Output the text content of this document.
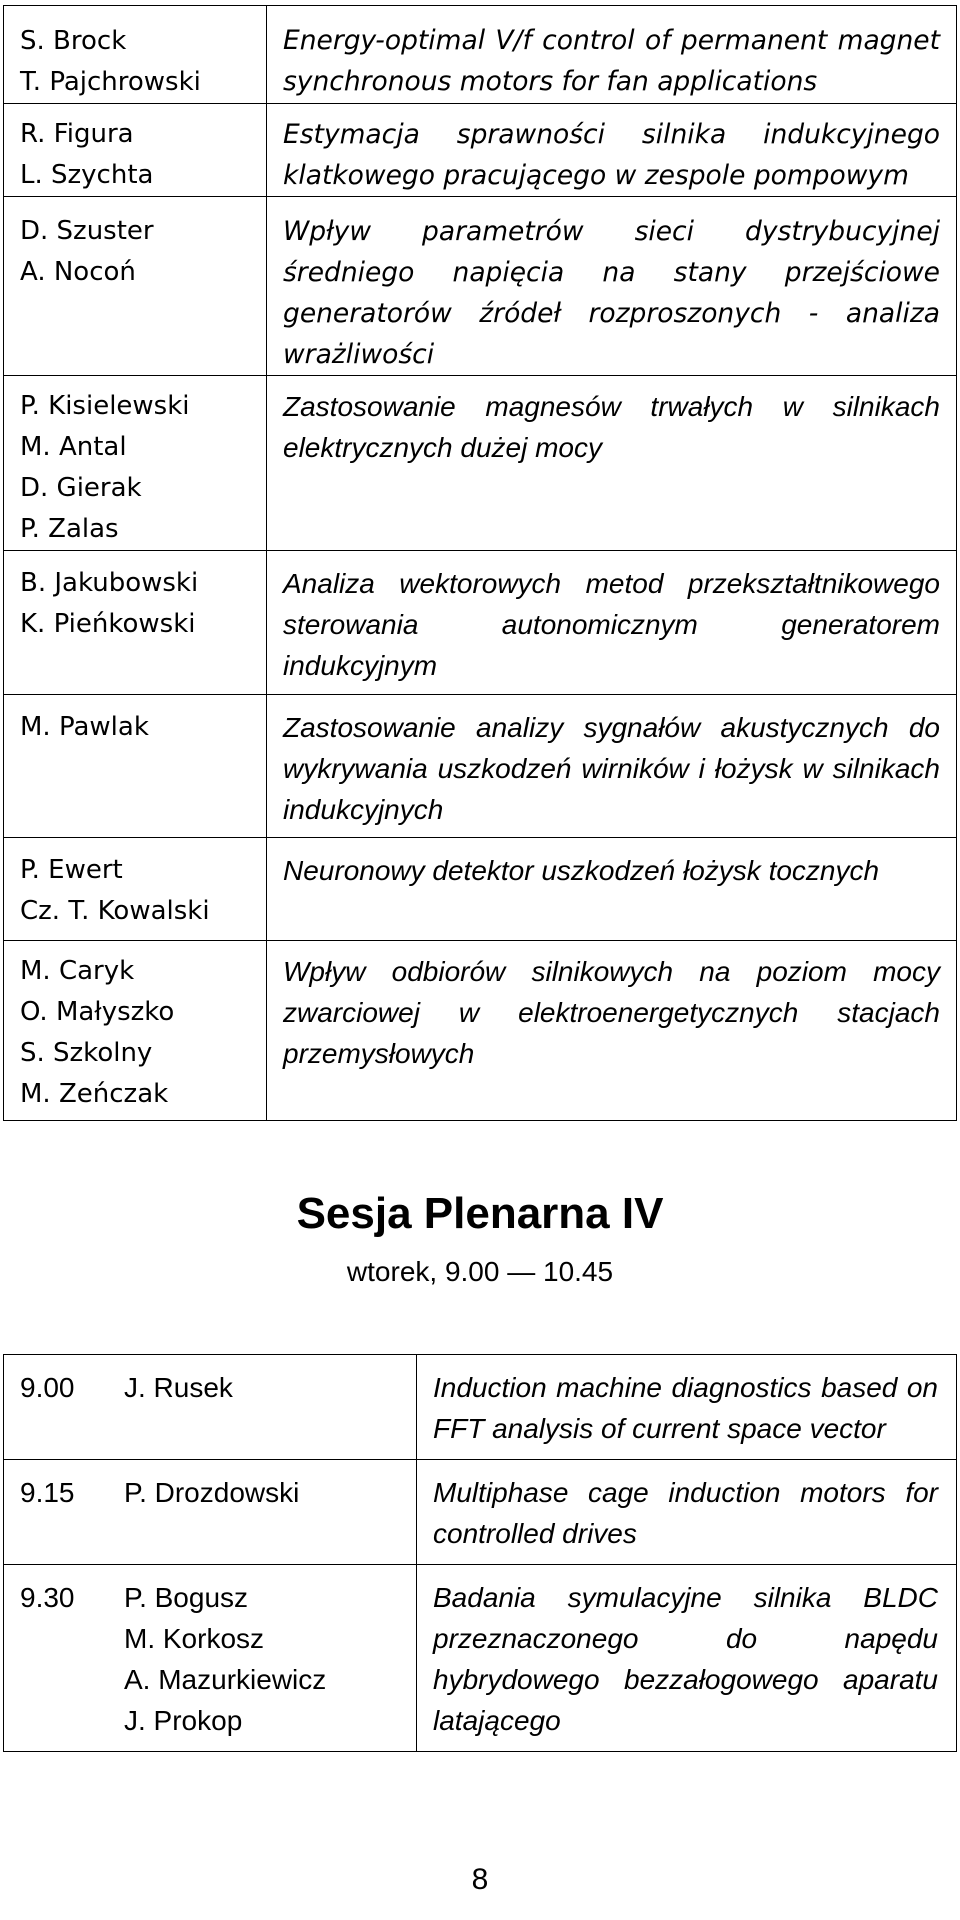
S. Brock
T. Pajchrowski	Energy-optimal V/f control of permanent magnet synchronous motors for fan applications

R. Figura
L. Szychta	Estymacja sprawności silnika indukcyjnego klatkowego pracującego w zespole pompowym

D. Szuster
A. Nocoń	Wpływ parametrów sieci dystrybucyjnej średniego napięcia na stany przejściowe generatorów źródeł rozproszonych - analiza wrażliwości

P. Kisielewski
M. Antal
D. Gierak
P. Zalas	Zastosowanie magnesów trwałych w silnikach elektrycznych dużej mocy

B. Jakubowski
K. Pieńkowski	Analiza wektorowych metod przekształtnikowego sterowania autonomicznym generatorem indukcyjnym

M. Pawlak	Zastosowanie analizy sygnałów akustycznych do wykrywania uszkodzeń wirników i łożysk w silnikach indukcyjnych

P. Ewert
Cz. T. Kowalski	Neuronowy detektor uszkodzeń łożysk tocznych

M. Caryk
O. Małyszko
S. Szkolny
M. Zeńczak	Wpływ odbiorów silnikowych na poziom mocy zwarciowej w elektroenergetycznych stacjach przemysłowych
Sesja Plenarna IV
wtorek, 9.00 — 10.45
9.00 J. Rusek	Induction machine diagnostics based on FFT analysis of current space vector
9.15 P. Drozdowski	Multiphase cage induction motors for controlled drives
9.30 P. Bogusz
M. Korkosz
A. Mazurkiewicz
J. Prokop	Badania symulacyjne silnika BLDC przeznaczonego do napędu hybrydowego bezzałogowego aparatu latającego
8
